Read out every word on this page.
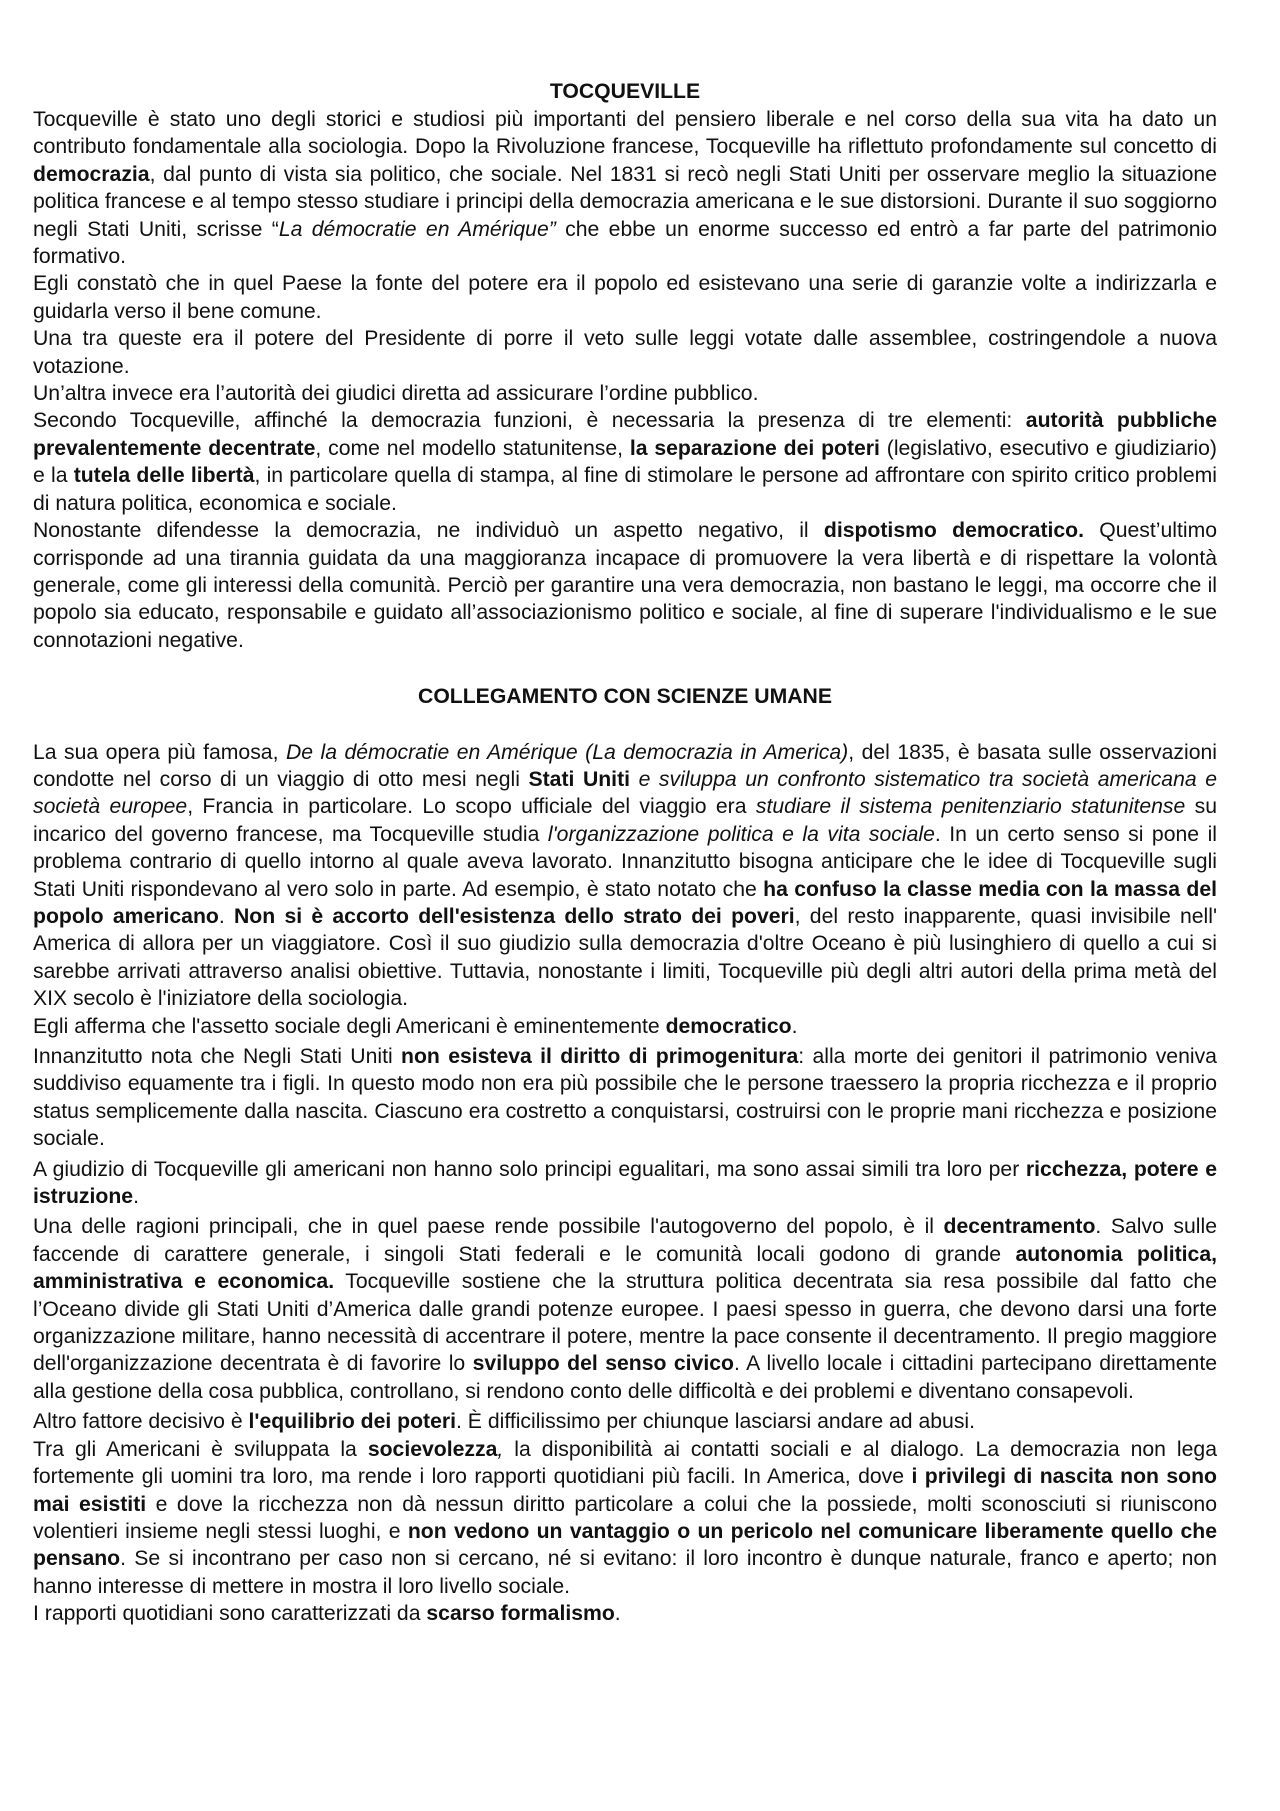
TOCQUEVILLE

Tocqueville è stato uno degli storici e studiosi più importanti del pensiero liberale e nel corso della sua vita ha dato un contributo fondamentale alla sociologia. Dopo la Rivoluzione francese, Tocqueville ha riflettuto profondamente sul concetto di democrazia, dal punto di vista sia politico, che sociale. Nel 1831 si recò negli Stati Uniti per osservare meglio la situazione politica francese e al tempo stesso studiare i principi della democrazia americana e le sue distorsioni. Durante il suo soggiorno negli Stati Uniti, scrisse “La démocratie en Amérique” che ebbe un enorme successo ed entrò a far parte del patrimonio formativo.

Egli constatò che in quel Paese la fonte del potere era il popolo ed esistevano una serie di garanzie volte a indirizzarla e guidarla verso il bene comune.

Una tra queste era il potere del Presidente di porre il veto sulle leggi votate dalle assemblee, costringendole a nuova votazione.

Un’altra invece era l’autorità dei giudici diretta ad assicurare l’ordine pubblico.

Secondo Tocqueville, affinché la democrazia funzioni, è necessaria la presenza di tre elementi: autorità pubbliche prevalentemente decentrate, come nel modello statunitense, la separazione dei poteri (legislativo, esecutivo e giudiziario) e la tutela delle libertà, in particolare quella di stampa, al fine di stimolare le persone ad affrontare con spirito critico problemi di natura politica, economica e sociale.

Nonostante difendesse la democrazia, ne individuò un aspetto negativo, il dispotismo democratico. Quest’ultimo corrisponde ad una tirannia guidata da una maggioranza incapace di promuovere la vera libertà e di rispettare la volontà generale, come gli interessi della comunità. Perciò per garantire una vera democrazia, non bastano le leggi, ma occorre che il popolo sia educato, responsabile e guidato all’associazionismo politico e sociale, al fine di superare l'individualismo e le sue connotazioni negative.

COLLEGAMENTO CON SCIENZE UMANE

La sua opera più famosa, De la démocratie en Amérique (La democrazia in America), del 1835, è basata sulle osservazioni condotte nel corso di un viaggio di otto mesi negli Stati Uniti e sviluppa un confronto sistematico tra società americana e società europee, Francia in particolare. Lo scopo ufficiale del viaggio era studiare il sistema penitenziario statunitense su incarico del governo francese, ma Tocqueville studia l'organizzazione politica e la vita sociale. In un certo senso si pone il problema contrario di quello intorno al quale aveva lavorato. Innanzitutto bisogna anticipare che le idee di Tocqueville sugli Stati Uniti rispondevano al vero solo in parte. Ad esempio, è stato notato che ha confuso la classe media con la massa del popolo americano. Non si è accorto dell'esistenza dello strato dei poveri, del resto inapparente, quasi invisibile nell' America di allora per un viaggiatore. Così il suo giudizio sulla democrazia d'oltre Oceano è più lusinghiero di quello a cui si sarebbe arrivati attraverso analisi obiettive. Tuttavia, nonostante i limiti, Tocqueville più degli altri autori della prima metà del XIX secolo è l'iniziatore della sociologia.

Egli afferma che l'assetto sociale degli Americani è eminentemente democratico.

Innanzitutto nota che Negli Stati Uniti non esisteva il diritto di primogenitura: alla morte dei genitori il patrimonio veniva suddiviso equamente tra i figli. In questo modo non era più possibile che le persone traessero la propria ricchezza e il proprio status semplicemente dalla nascita. Ciascuno era costretto a conquistarsi, costruirsi con le proprie mani ricchezza e posizione sociale.

A giudizio di Tocqueville gli americani non hanno solo principi egualitari, ma sono assai simili tra loro per ricchezza, potere e istruzione.

Una delle ragioni principali, che in quel paese rende possibile l'autogoverno del popolo, è il decentramento. Salvo sulle faccende di carattere generale, i singoli Stati federali e le comunità locali godono di grande autonomia politica, amministrativa e economica. Tocqueville sostiene che la struttura politica decentrata sia resa possibile dal fatto che l’Oceano divide gli Stati Uniti d’America dalle grandi potenze europee. I paesi spesso in guerra, che devono darsi una forte organizzazione militare, hanno necessità di accentrare il potere, mentre la pace consente il decentramento. Il pregio maggiore dell'organizzazione decentrata è di favorire lo sviluppo del senso civico. A livello locale i cittadini partecipano direttamente alla gestione della cosa pubblica, controllano, si rendono conto delle difficoltà e dei problemi e diventano consapevoli.

Altro fattore decisivo è l'equilibrio dei poteri. È difficilissimo per chiunque lasciarsi andare ad abusi.

Tra gli Americani è sviluppata la socievolezza, la disponibilità ai contatti sociali e al dialogo. La democrazia non lega fortemente gli uomini tra loro, ma rende i loro rapporti quotidiani più facili. In America, dove i privilegi di nascita non sono mai esistiti e dove la ricchezza non dà nessun diritto particolare a colui che la possiede, molti sconosciuti si riuniscono volentieri insieme negli stessi luoghi, e non vedono un vantaggio o un pericolo nel comunicare liberamente quello che pensano. Se si incontrano per caso non si cercano, né si evitano: il loro incontro è dunque naturale, franco e aperto; non hanno interesse di mettere in mostra il loro livello sociale.

I rapporti quotidiani sono caratterizzati da scarso formalismo.
